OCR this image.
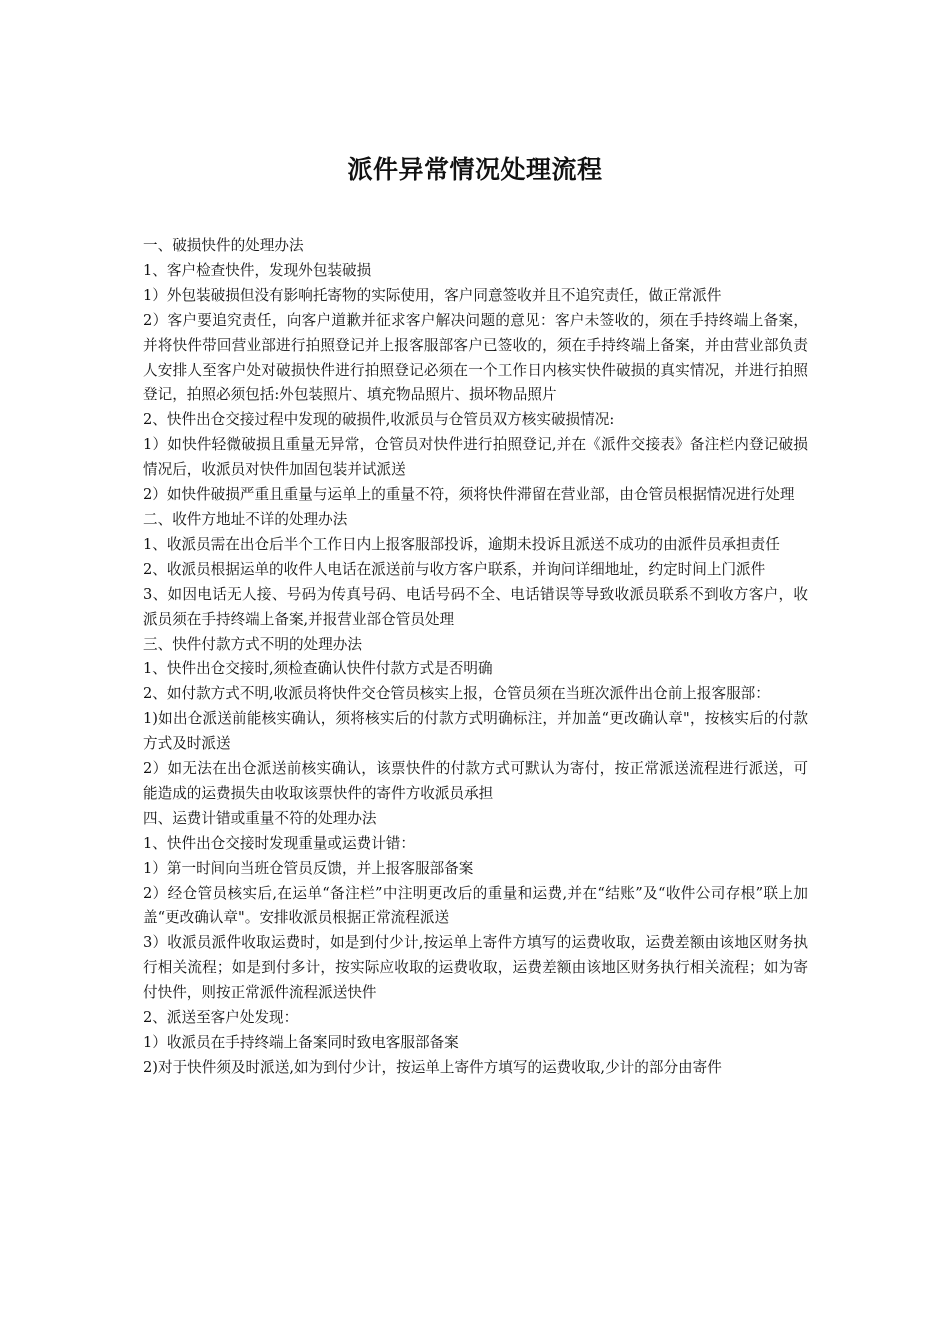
派件异常情况处理流程

一、破损快件的处理办法

1、客户检查快件，发现外包装破损

1）外包装破损但没有影响托寄物的实际使用，客户同意签收并且不追究责任，做正常派件

2）客户要追究责任，向客户道歉并征求客户解决问题的意见：客户未签收的，须在手持终端上备案，并将快件带回营业部进行拍照登记并上报客服部客户已签收的，须在手持终端上备案，并由营业部负责人安排人至客户处对破损快件进行拍照登记必须在一个工作日内核实快件破损的真实情况，并进行拍照登记，拍照必须包括:外包装照片、填充物品照片、损坏物品照片

2、快件出仓交接过程中发现的破损件,收派员与仓管员双方核实破损情况:

1）如快件轻微破损且重量无异常，仓管员对快件进行拍照登记,并在《派件交接表》备注栏内登记破损情况后，收派员对快件加固包装并试派送

2）如快件破损严重且重量与运单上的重量不符，须将快件滞留在营业部，由仓管员根据情况进行处理

二、收件方地址不详的处理办法

1、收派员需在出仓后半个工作日内上报客服部投诉，逾期未投诉且派送不成功的由派件员承担责任

2、收派员根据运单的收件人电话在派送前与收方客户联系，并询问详细地址，约定时间上门派件

3、如因电话无人接、号码为传真号码、电话号码不全、电话错误等导致收派员联系不到收方客户，收派员须在手持终端上备案,并报营业部仓管员处理

三、快件付款方式不明的处理办法

1、快件出仓交接时,须检查确认快件付款方式是否明确

2、如付款方式不明,收派员将快件交仓管员核实上报，仓管员须在当班次派件出仓前上报客服部：

1)如出仓派送前能核实确认，须将核实后的付款方式明确标注，并加盖“更改确认章"，按核实后的付款方式及时派送

2）如无法在出仓派送前核实确认，该票快件的付款方式可默认为寄付，按正常派送流程进行派送，可能造成的运费损失由收取该票快件的寄件方收派员承担

四、运费计错或重量不符的处理办法

1、快件出仓交接时发现重量或运费计错：

1）第一时间向当班仓管员反馈，并上报客服部备案

2）经仓管员核实后,在运单“备注栏”中注明更改后的重量和运费,并在“结账”及“收件公司存根”联上加盖“更改确认章"。安排收派员根据正常流程派送

3）收派员派件收取运费时，如是到付少计,按运单上寄件方填写的运费收取，运费差额由该地区财务执行相关流程；如是到付多计，按实际应收取的运费收取，运费差额由该地区财务执行相关流程；如为寄付快件，则按正常派件流程派送快件

2、派送至客户处发现：

1）收派员在手持终端上备案同时致电客服部备案

2)对于快件须及时派送,如为到付少计，按运单上寄件方填写的运费收取,少计的部分由寄件
